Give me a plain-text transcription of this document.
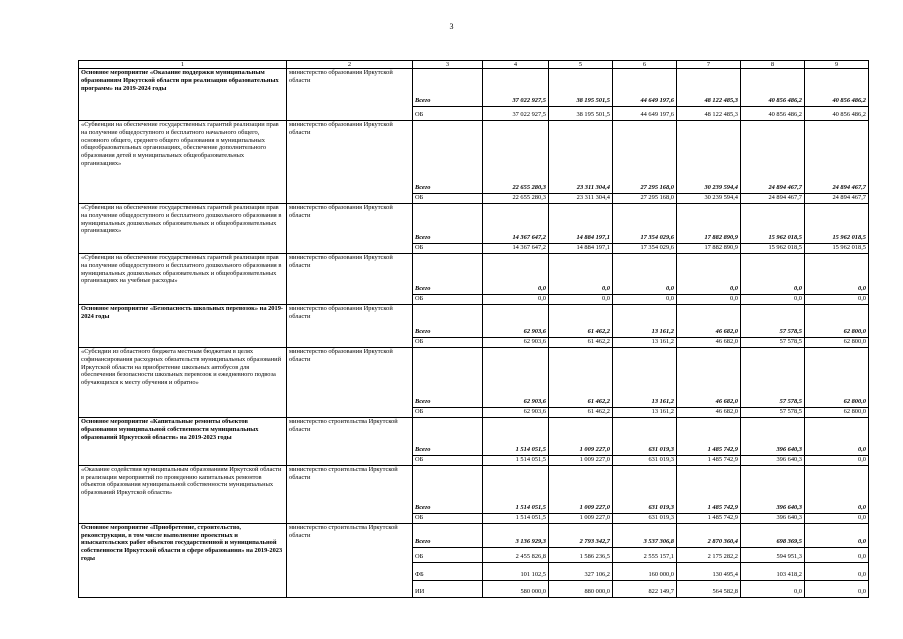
3
1	2	3	4	5	6	7	8	9
Основное мероприятие «Оказание поддержки муниципальным образованиям Иркутской области при реализации образовательных программ» на 2019-2024 годы	министерство образования Иркутской области	Всего	37 022 927,5	38 195 501,5	44 649 197,6	48 122 485,3	40 856 486,2	40 856 486,2
		ОБ	37 022 927,5	38 195 501,5	44 649 197,6	48 122 485,3	40 856 486,2	40 856 486,2
«Субвенции на обеспечение государственных гарантий реализации прав на получение общедоступного и бесплатного начального общего, основного общего, среднего общего образования в муниципальных общеобразовательных организациях, обеспечение дополнительного образования детей в муниципальных общеобразовательных организациях»	министерство образования Иркутской области	Всего	22 655 280,3	23 311 304,4	27 295 168,0	30 239 594,4	24 894 467,7	24 894 467,7
		ОБ	22 655 280,3	23 311 304,4	27 295 168,0	30 239 594,4	24 894 467,7	24 894 467,7
«Субвенции на обеспечение государственных гарантий реализации прав на получение общедоступного и бесплатного дошкольного образования в муниципальных дошкольных образовательных и общеобразовательных организациях»	министерство образования Иркутской области	Всего	14 367 647,2	14 884 197,1	17 354 029,6	17 882 890,9	15 962 018,5	15 962 018,5
		ОБ	14 367 647,2	14 884 197,1	17 354 029,6	17 882 890,9	15 962 018,5	15 962 018,5
«Субвенции на обеспечение государственных гарантий реализации прав на получение общедоступного и бесплатного дошкольного образования в муниципальных дошкольных образовательных и общеобразовательных организациях на учебные расходы»	министерство образования Иркутской области	Всего	0,0	0,0	0,0	0,0	0,0	0,0
		ОБ	0,0	0,0	0,0	0,0	0,0	0,0
Основное мероприятие «Безопасность школьных перевозок» на 2019-2024 годы	министерство образования Иркутской области	Всего	62 903,6	61 462,2	13 161,2	46 682,0	57 578,5	62 800,0
		ОБ	62 903,6	61 462,2	13 161,2	46 682,0	57 578,5	62 800,0
«Субсидии из областного бюджета местным бюджетам в целях софинансирования расходных обязательств муниципальных образований Иркутской области на приобретение школьных автобусов для обеспечения безопасности школьных перевозок и ежедневного подвоза обучающихся к месту обучения и обратно»	министерство образования Иркутской области	Всего	62 903,6	61 462,2	13 161,2	46 682,0	57 578,5	62 800,0
		ОБ	62 903,6	61 462,2	13 161,2	46 682,0	57 578,5	62 800,0
Основное мероприятие «Капитальные ремонты объектов образования муниципальной собственности муниципальных образований Иркутской области» на 2019-2023 годы	министерство строительства Иркутской области	Всего	1 514 051,5	1 009 227,0	631 019,3	1 485 742,9	396 640,3	0,0
		ОБ	1 514 051,5	1 009 227,0	631 019,3	1 485 742,9	396 640,3	0,0
«Оказание содействия муниципальным образованиям Иркутской области в реализации мероприятий по проведению капитальных ремонтов объектов образования муниципальной собственности муниципальных образований Иркутской области»	министерство строительства Иркутской области	Всего	1 514 051,5	1 009 227,0	631 019,3	1 485 742,9	396 640,3	0,0
		ОБ	1 514 051,5	1 009 227,0	631 019,3	1 485 742,9	396 640,3	0,0
Основное мероприятие «Приобретение, строительство, реконструкция, в том числе выполнение проектных и изыскательских работ объектов государственной и муниципальной собственности Иркутской области в сфере образования» на 2019-2023 годы	министерство строительства Иркутской области	Всего	3 136 929,3	2 793 342,7	3 537 306,8	2 870 360,4	698 369,5	0,0
		ОБ	2 455 826,8	1 586 236,5	2 555 157,1	2 175 282,2	594 951,3	0,0
		ФБ	101 102,5	327 106,2	160 000,0	130 495,4	103 418,2	0,0
		ИИ	580 000,0	880 000,0	822 149,7	564 582,8	0,0	0,0
